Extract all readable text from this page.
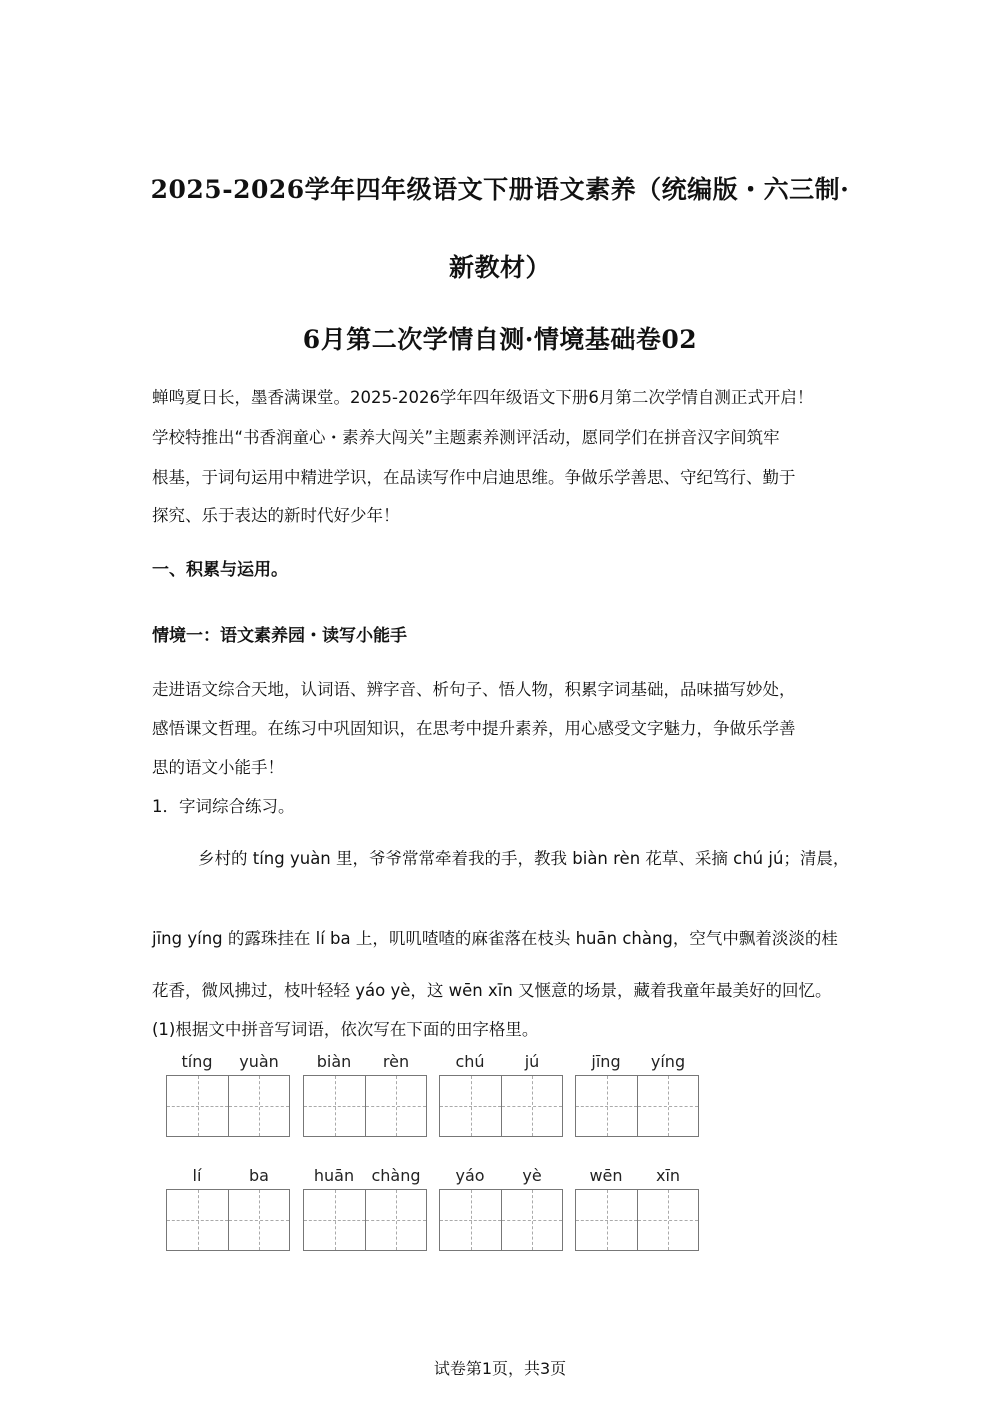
2025-2026学年四年级语文下册语文素养（统编版・六三制·
新教材）
6月第二次学情自测·情境基础卷02
蝉鸣夏日长，墨香满课堂。2025-2026学年四年级语文下册6月第二次学情自测正式开启！
学校特推出“书香润童心・素养大闯关”主题素养测评活动，愿同学们在拼音汉字间筑牢
根基，于词句运用中精进学识，在品读写作中启迪思维。争做乐学善思、守纪笃行、勤于
探究、乐于表达的新时代好少年！
一、积累与运用。
情境一：语文素养园・读写小能手
走进语文综合天地，认词语、辨字音、析句子、悟人物，积累字词基础，品味描写妙处，
感悟课文哲理。在练习中巩固知识，在思考中提升素养，用心感受文字魅力，争做乐学善
思的语文小能手！
1．字词综合练习。
乡村的 tíng yuàn 里，爷爷常常牵着我的手，教我 biàn rèn 花草、采摘 chú jú；清晨，
jīng yíng 的露珠挂在 lí ba 上，叽叽喳喳的麻雀落在枝头 huān chàng，空气中飘着淡淡的桂
花香，微风拂过，枝叶轻轻 yáo yè，这 wēn xīn 又惬意的场景，藏着我童年最美好的回忆。
(1)根据文中拼音写词语，依次写在下面的田字格里。
tíng	yuàn	biàn	rèn	chú	jú	jīng	yíng
lí	ba	huān	chàng	yáo	yè	wēn	xīn
试卷第1页，共3页
